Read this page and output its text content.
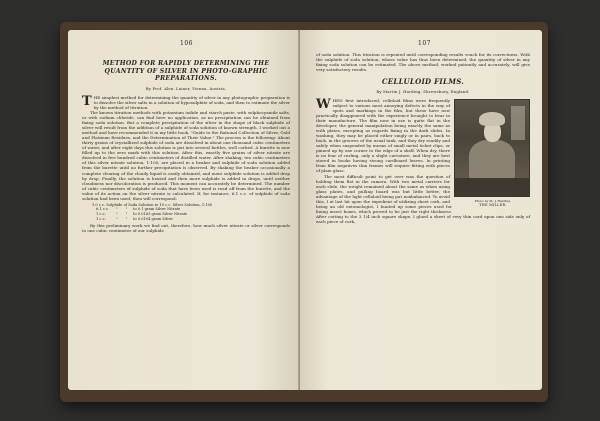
106
METHOD FOR RAPIDLY DETERMINING THE QUANTITY OF SILVER IN PHOTO-GRAPHIC PREPARATIONS.
By Prof. Alex. Lainer, Vienna, Austria.

THE simplest method for determining the quantity of silver in any photographic preparation is to dissolve the silver salts in a solution of hyposulphite of soda, and then to estimate the silver by the method of titration.

The known titration methods with potassium iodide and starch paste, with sulphocyanide salts, or with sodium chloride, can find here no application, as no precipitation can be obtained from fixing soda solution. But a complete precipitation of the silver in the shape of black sulphide of silver will result from the addition of a sulphide of soda solution of known strength. I worked out a method and have recommended it in my little book, "Guide to the Rational Collection of Silver, Gold and Platinum Residues, and the Determination of Their Value." The process is the following: About thirty grains of crystallized sulphide of soda are dissolved in about one thousand cubic centimeters of water, and after eight days this solution is put into several bottles, well corked. A burette is now filled up to the zero mark with this solution. After this, exactly five grains of silver nitrate are dissolved in five hundred cubic centimeters of distilled water. After shaking, ten cubic centimeters of this silver nitrate solution, 1:100, are placed in a beaker and sulphide of soda solution added from the burette until no further precipitation is observed. By shaking the beaker occasionally a complete clearing of the cloudy liquid is easily obtained, and more sulphide solution is added drop by drop. Finally, the solution is heated and then more sulphide is added in drops, until neither cloudiness nor discoloration is produced. This moment can accurately be determined. The number of cubic centimeters of sulphide of soda that have been used is read off from the burette, and the value of its action on the silver nitrate is calculated. If, for instance, 6.1 c.c. of sulphide of soda solution had been used, then will correspond:

1.0 c.c. Sulphide of Soda Solution to 10 c.c. Silver Solution, 1:100
6.1 c.c.      "       "     to 0.1 gram Silver Nitrate
1 c.c.         "       "     to 0.0163 gram Silver Nitrate
1 c.c.         "       "     to 0.0104 gram Silver

By this preliminary work we find out, therefore, how much silver nitrate or silver corresponds to one cubic centimeter of our sulphide

107

of soda solution. This titration is repeated until corresponding results vouch for its correctness. With the sulphide of soda solution, whose value has thus been determined, the quantity of silver in any fixing soda solution can be estimated. The above method, worked patiently and accurately, will give very satisfactory results.

CELLULOID FILMS.
By Martin J. Harding, Shrewsbury, England.

WHEN first introduced, celluloid films were frequently subject to various most annoying defects in the way of spots and markings in the film, but these have now practically disappeared with the experience brought to bear in their manufacture. The film now in use is quite flat in the developer, the general manipulation being exactly the same as with plates, excepting as regards fixing in the dark slides. In washing, they may be placed either singly or in pairs, back to back, in the grooves of the usual tank, and they dry readily and safely when suspended by means of small metal ticket clips, or pinned up by one corner to the edge of a shelf. When dry, there is no fear of curling, only a slight curvature, and they are best stored in books having strong cardboard leaves. In printing from film negatives thin frames will require fitting with pieces of plain glass.

Photo by M. J. Harding.
THE MILLER.

The most difficult point to get over was the question of holding them flat in the camera. With two metal carriers for each slide, the weight remained about the same as when using glass plates, and pulling board was but little better, the advantage of the light celluloid being put nonbalanced. To avoid this, I at last hit upon the expedient of utilizing sheet cork, and being an old entomologist, I hunted up some pieces used for lining insect boxes, which proved to be just the right thickness. After cutting to the 3 1/4 inch square shape, I glued a sheet of very thin card upon one side only of each piece of cork,
